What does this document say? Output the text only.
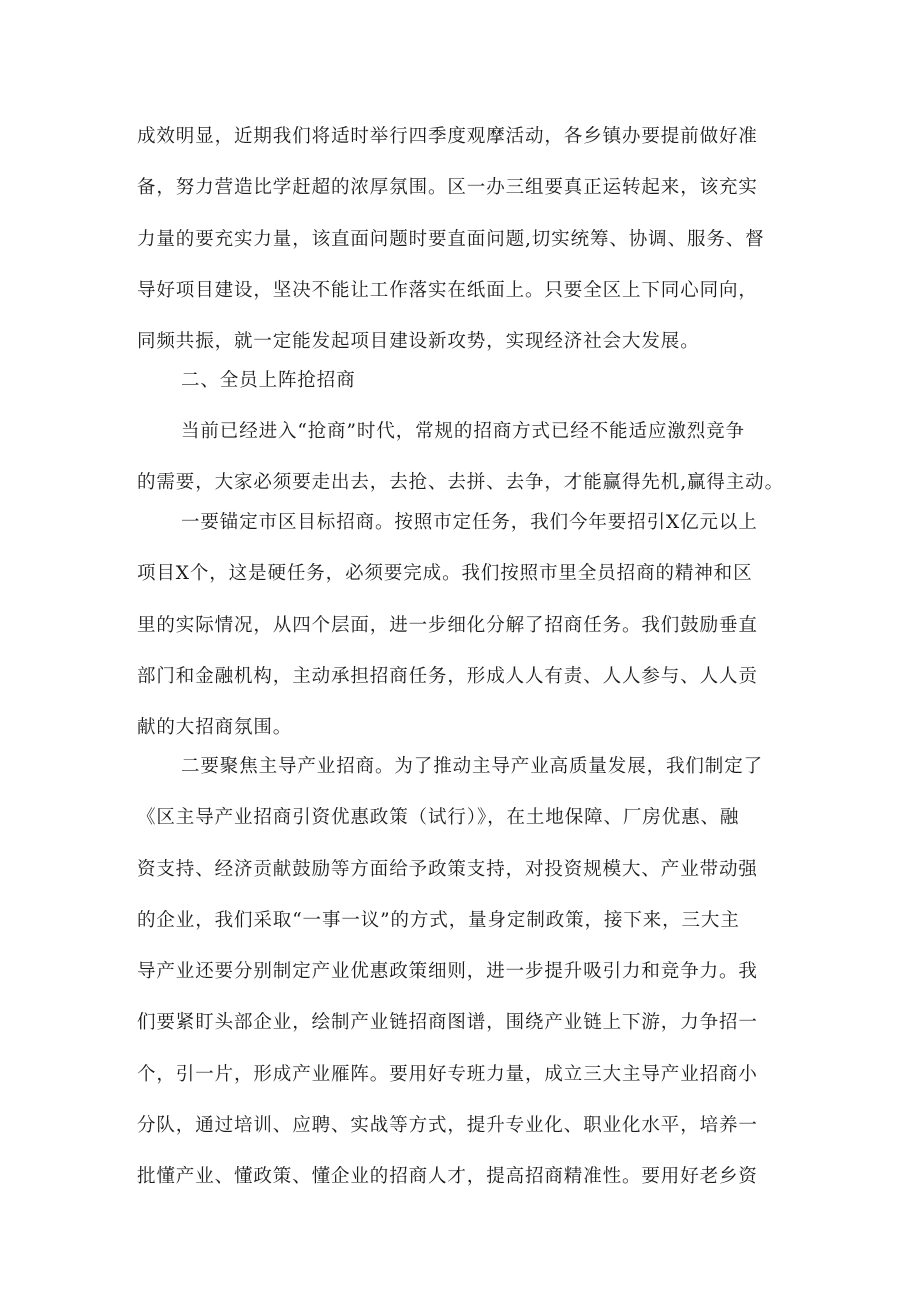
成效明显，近期我们将适时举行四季度观摩活动，各乡镇办要提前做好准
备，努力营造比学赶超的浓厚氛围。区一办三组要真正运转起来，该充实
力量的要充实力量，该直面问题时要直面问题,切实统筹、协调、服务、督
导好项目建设，坚决不能让工作落实在纸面上。只要全区上下同心同向，
同频共振，就一定能发起项目建设新攻势，实现经济社会大发展。
二、全员上阵抢招商
当前已经进入“抢商”时代，常规的招商方式已经不能适应激烈竞争
的需要，大家必须要走出去，去抢、去拼、去争，才能赢得先机,赢得主动。
一要锚定市区目标招商。按照市定任务，我们今年要招引X亿元以上
项目X个，这是硬任务，必须要完成。我们按照市里全员招商的精神和区
里的实际情况，从四个层面，进一步细化分解了招商任务。我们鼓励垂直
部门和金融机构，主动承担招商任务，形成人人有责、人人参与、人人贡
献的大招商氛围。
二要聚焦主导产业招商。为了推动主导产业高质量发展，我们制定了
《区主导产业招商引资优惠政策（试行）》，在土地保障、厂房优惠、融
资支持、经济贡献鼓励等方面给予政策支持，对投资规模大、产业带动强
的企业，我们采取“一事一议”的方式，量身定制政策，接下来，三大主
导产业还要分别制定产业优惠政策细则，进一步提升吸引力和竞争力。我
们要紧盯头部企业，绘制产业链招商图谱，围绕产业链上下游，力争招一
个，引一片，形成产业雁阵。要用好专班力量，成立三大主导产业招商小
分队，通过培训、应聘、实战等方式，提升专业化、职业化水平，培养一
批懂产业、懂政策、懂企业的招商人才，提高招商精准性。要用好老乡资
